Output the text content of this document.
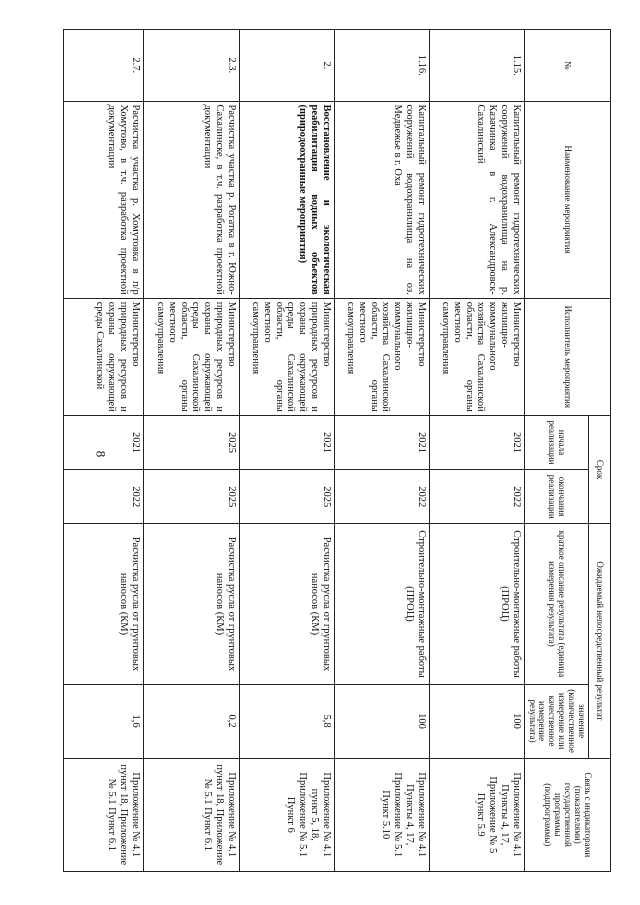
8
№	Наименование мероприятия	Исполнитель мероприятия	Срок		Ожидаемый непосредственный результат		Связь с индикаторами (показателями) государственной программы (подпрограммы)
			начала реализации	окончания реализации	краткое описание результата (единица измерения результата)	значение (количественное измерение или качественное измерение результата)	
1.15.	Капитальный ремонт гидротехнических сооружений водохранилища на р. Казачинка в г. Александровск-Сахалинский	Министерство жилищно-коммунального хозяйства Сахалинской области, органы местного самоуправления	2021	2022	Строительно-монтажные работы (ПРОЦ)	100	Приложение № 4.1 Пункты 4, 17, Приложение № 5 Пункт 5.9
1.16.	Капитальный ремонт гидротехнических сооружений водохранилища на оз. Медвежье в г. Оха	Министерство жилищно-коммунального хозяйства Сахалинской области, органы местного самоуправления	2021	2022	Строительно-монтажные работы (ПРОЦ)	100	Приложение № 4.1 Пункты 4, 17, Приложение № 5.1 Пункт 5.10
2.	Восстановление и экологическая реабилитация водных объектов (природоохранные мероприятия)	Министерство природных ресурсов и охраны окружающей среды Сахалинской области, органы местного самоуправления	2021	2025	Расчистка русла от грунтовых наносов (КМ)	5,8	Приложение № 4.1 пункт 5, 18, Приложение № 5.1 Пункт 6
2.3.	Расчистка участка р. Рогатка в г. Южно-Сахалинске, в т.ч. разработка проектной документации	Министерство природных ресурсов и охраны окружающей среды Сахалинской области, органы местного самоуправления	2025	2025	Расчистка русла от грунтовых наносов (КМ)	0,2	Приложение № 4.1 пункт 18, Приложение № 5.1 Пункт 6.1
2.7.	Расчистка участка р. Хомутовка в п/р Хомутово, в т.ч. разработка проектной документации	Министерство природных ресурсов и охраны окружающей среды Сахалинской	2021	2022	Расчистка русла от грунтовых наносов (КМ)	1,6	Приложение № 4.1 пункт 18, Приложение № 5.1 Пункт 6.1
